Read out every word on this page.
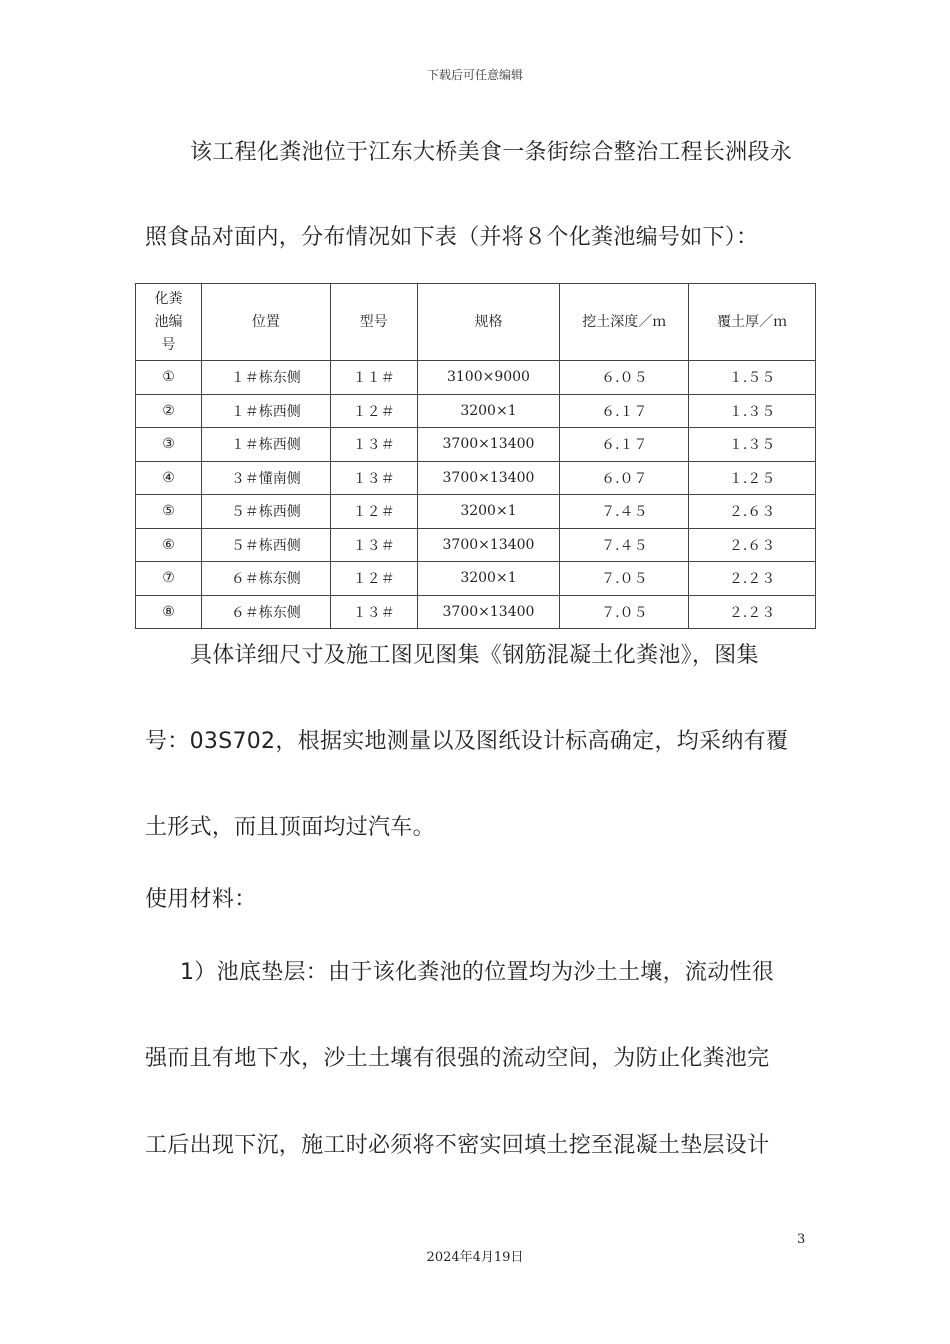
下载后可任意编辑
该工程化粪池位于江东大桥美食一条街综合整治工程长洲段永
照食品对面内，分布情况如下表（并将８个化粪池编号如下）：
化粪池编号	位置	型号	规格	挖土深度／ｍ	覆土厚／ｍ
①	１＃栋东侧	１１＃	3100×9000	６.０５	１.５５
②	１＃栋西侧	１２＃	3200×1	６.１７	１.３５
③	１＃栋西侧	１３＃	3700×13400	６.１７	１.３５
④	３＃懂南侧	１３＃	3700×13400	６.０７	１.２５
⑤	５＃栋西侧	１２＃	3200×1	７.４５	２.６３
⑥	５＃栋西侧	１３＃	3700×13400	７.４５	２.６３
⑦	６＃栋东侧	１２＃	3200×1	７.０５	２.２３
⑧	６＃栋东侧	１３＃	3700×13400	７.０５	２.２３
具体详细尺寸及施工图见图集《钢筋混凝土化粪池》，图集
号：03S702，根据实地测量以及图纸设计标高确定，均采纳有覆
土形式，而且顶面均过汽车。
使用材料：
1）池底垫层：由于该化粪池的位置均为沙土土壤，流动性很
强而且有地下水，沙土土壤有很强的流动空间，为防止化粪池完
工后出现下沉，施工时必须将不密实回填土挖至混凝土垫层设计
3
2024年4月19日
